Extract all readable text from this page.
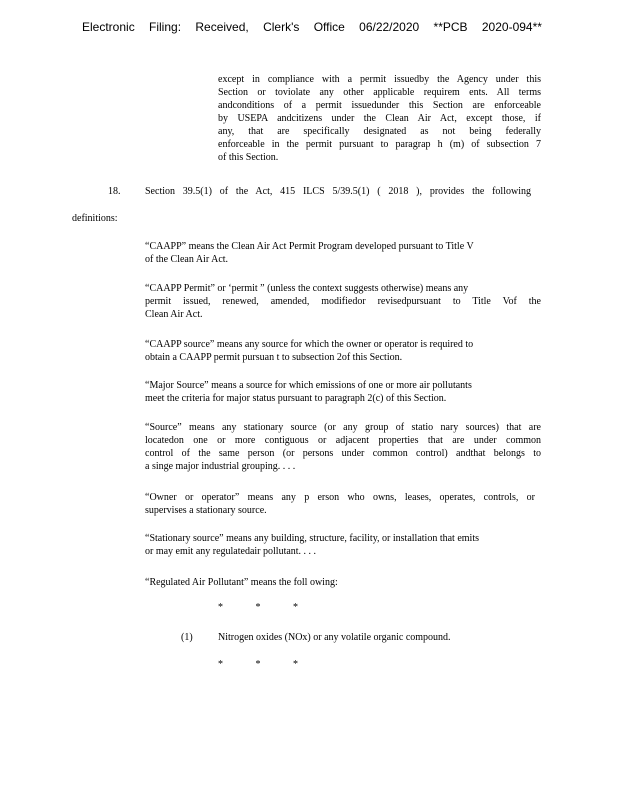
Electronic Filing: Received, Clerk's Office 06/22/2020 **PCB 2020-094**
except in compliance with a permit issuedby the Agency under this
Section or toviolate any other applicable requirem ents. All terms
andconditions of a permit issuedunder this Section are enforceable
by USEPA andcitizens under the Clean Air Act, except those, if
any, that are specifically designated as not being federally
enforceable in the permit pursuant to paragrap h (m) of subsection 7
of this Section.
18. Section 39.5(1) of the Act, 415 ILCS 5/39.5(1) ( 2018 ), provides the following
definitions:
“CAAPP” means the Clean Air Act Permit Program developed pursuant to Title V
of the Clean Air Act.
“CAAPP Permit” or ‘permit ” (unless the context suggests otherwise) means any
permit issued, renewed, amended, modifiedor revisedpursuant to Title Vof the
Clean Air Act.
“CAAPP source” means any source for which the owner or operator is required to
obtain a CAAPP permit pursuan t to subsection 2of this Section.
“Major Source” means a source for which emissions of one or more air pollutants
meet the criteria for major status pursuant to paragraph 2(c) of this Section.
“Source” means any stationary source (or any group of statio nary sources) that are
locatedon one or more contiguous or adjacent properties that are under common
control of the same person (or persons under common control) andthat belongs to
a singe major industrial grouping. . . .
“Owner or operator” means any p erson who owns, leases, operates, controls, or
supervises a stationary source.
“Stationary source” means any building, structure, facility, or installation that emits
or may emit any regulatedair pollutant. . . .
“Regulated Air Pollutant” means the foll owing:
*	*	*
(1)	Nitrogen oxides (NOx) or any volatile organic compound.
*	*	*
